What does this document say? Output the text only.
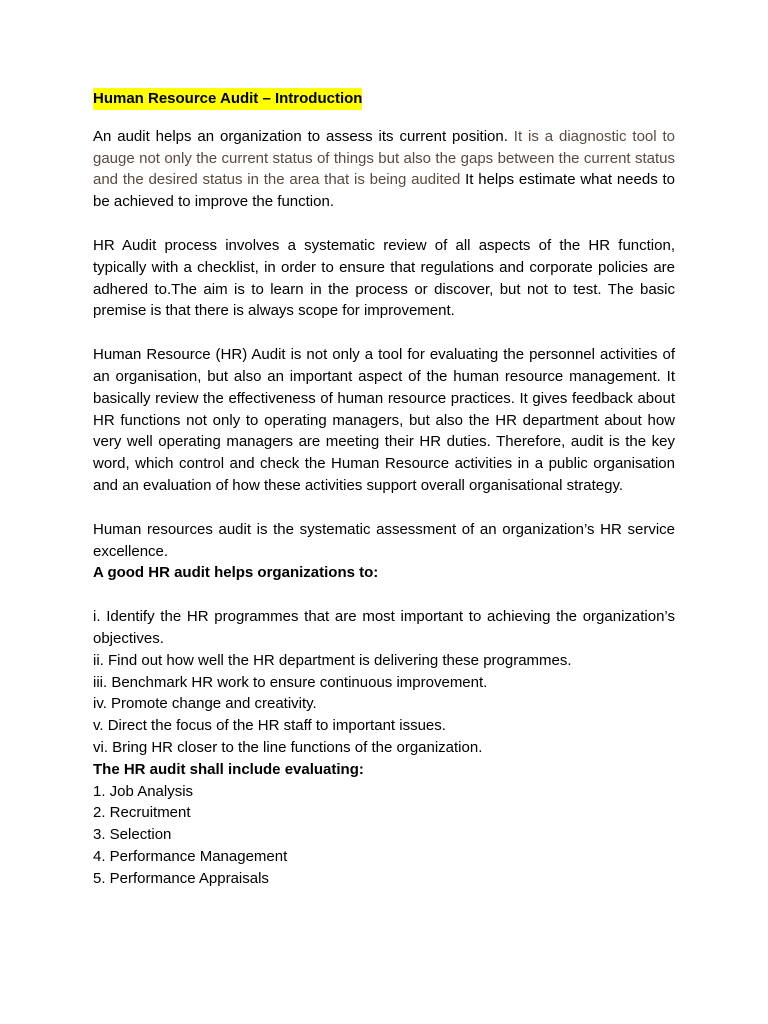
Human Resource Audit – Introduction

An audit helps an organization to assess its current position. It is a diagnostic tool to gauge not only the current status of things but also the gaps between the current status and the desired status in the area that is being audited It helps estimate what needs to be achieved to improve the function.

HR Audit process involves a systematic review of all aspects of the HR function, typically with a checklist, in order to ensure that regulations and corporate policies are adhered to.The aim is to learn in the process or discover, but not to test. The basic premise is that there is always scope for improvement.

Human Resource (HR) Audit is not only a tool for evaluating the personnel activities of an organisation, but also an important aspect of the human resource management. It basically review the effectiveness of human resource practices. It gives feedback about HR functions not only to operating managers, but also the HR department about how very well operating managers are meeting their HR duties. Therefore, audit is the key word, which control and check the Human Resource activities in a public organisation and an evaluation of how these activities support overall organisational strategy.

Human resources audit is the systematic assessment of an organization’s HR service excellence.

A good HR audit helps organizations to:
i. Identify the HR programmes that are most important to achieving the organization’s objectives.
ii. Find out how well the HR department is delivering these programmes.
iii. Benchmark HR work to ensure continuous improvement.
iv. Promote change and creativity.
v. Direct the focus of the HR staff to important issues.
vi. Bring HR closer to the line functions of the organization.
The HR audit shall include evaluating:
1. Job Analysis
2. Recruitment
3. Selection
4. Performance Management
5. Performance Appraisals
